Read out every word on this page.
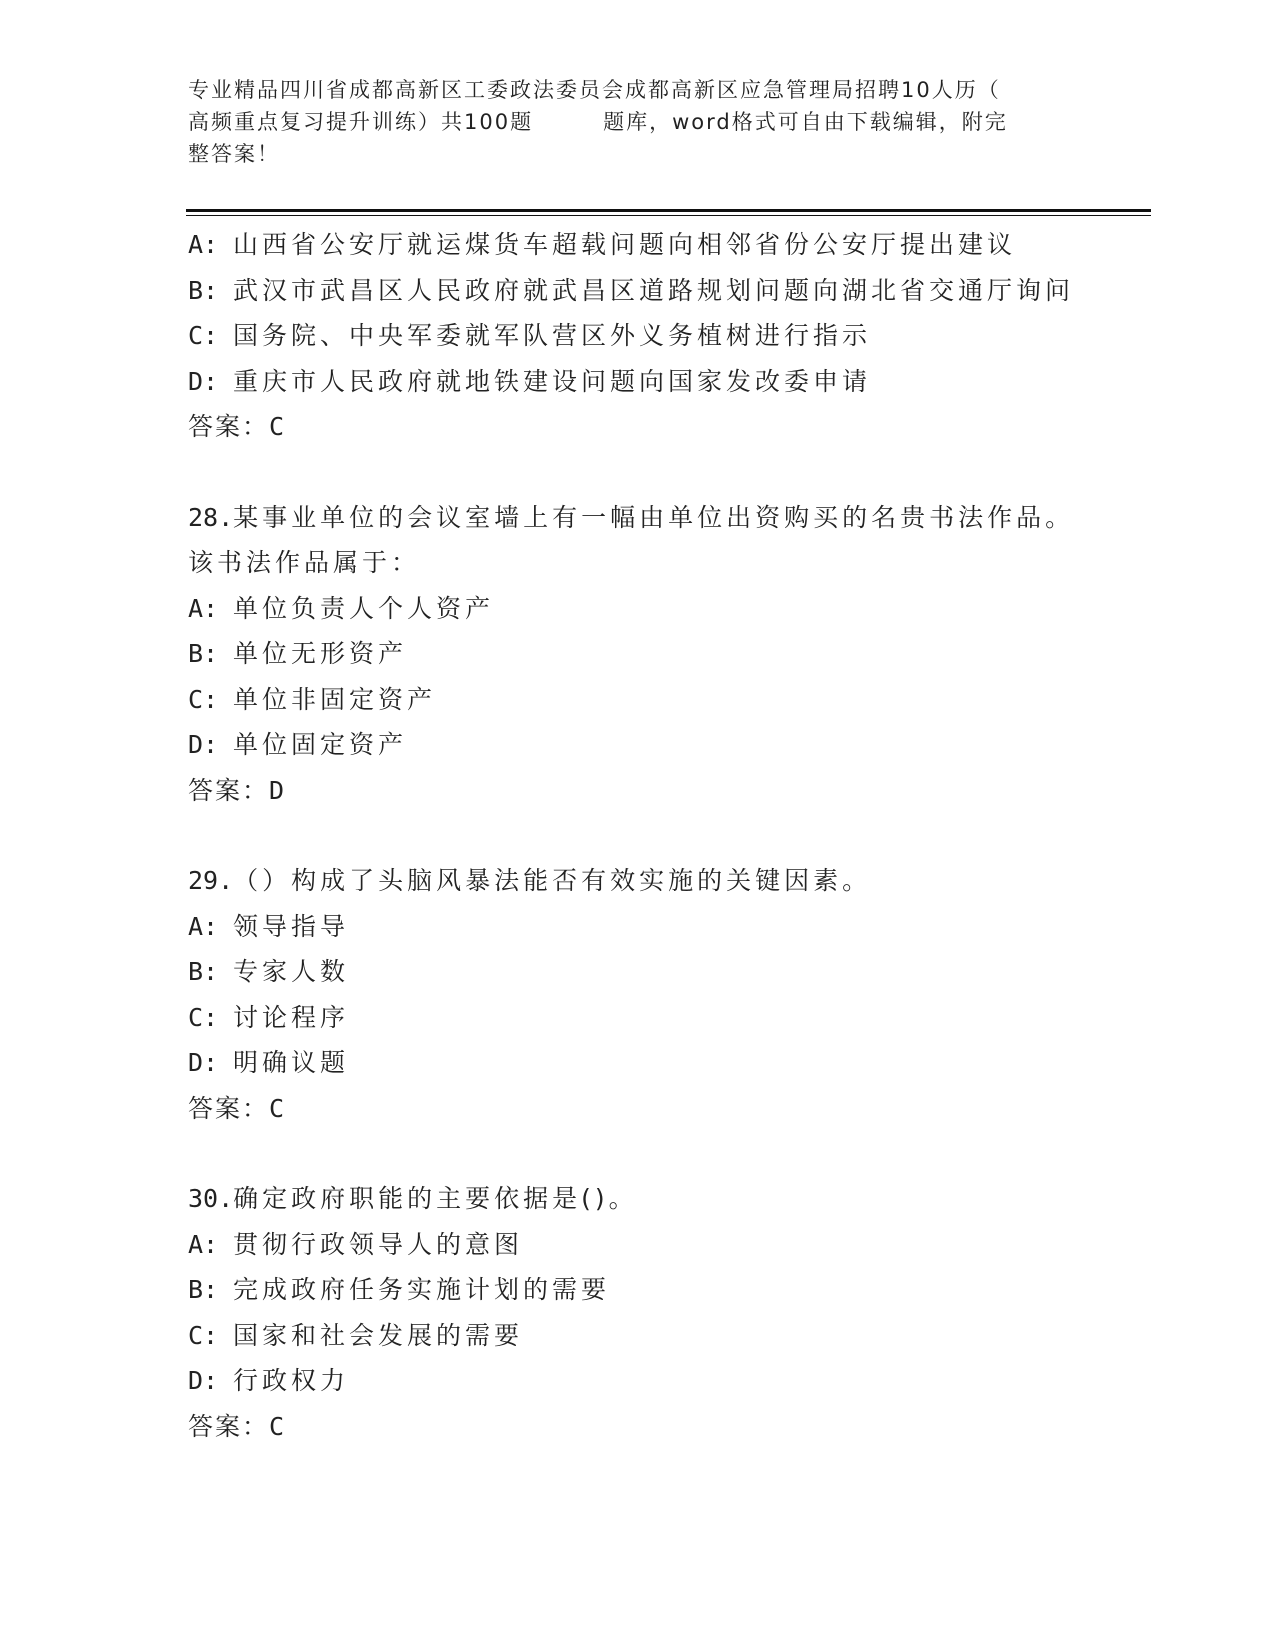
专业精品四川省成都高新区工委政法委员会成都高新区应急管理局招聘10人历（
高频重点复习提升训练）共100题	题库，word格式可自由下载编辑，附完
整答案！
A: 山西省公安厅就运煤货车超载问题向相邻省份公安厅提出建议
B: 武汉市武昌区人民政府就武昌区道路规划问题向湖北省交通厅询问
C: 国务院、中央军委就军队营区外义务植树进行指示
D: 重庆市人民政府就地铁建设问题向国家发改委申请
答案：C
28.某事业单位的会议室墙上有一幅由单位出资购买的名贵书法作品。
该书法作品属于：
A: 单位负责人个人资产
B: 单位无形资产
C: 单位非固定资产
D: 单位固定资产
答案：D
29.（）构成了头脑风暴法能否有效实施的关键因素。
A: 领导指导
B: 专家人数
C: 讨论程序
D: 明确议题
答案：C
30.确定政府职能的主要依据是()。
A: 贯彻行政领导人的意图
B: 完成政府任务实施计划的需要
C: 国家和社会发展的需要
D: 行政权力
答案：C
